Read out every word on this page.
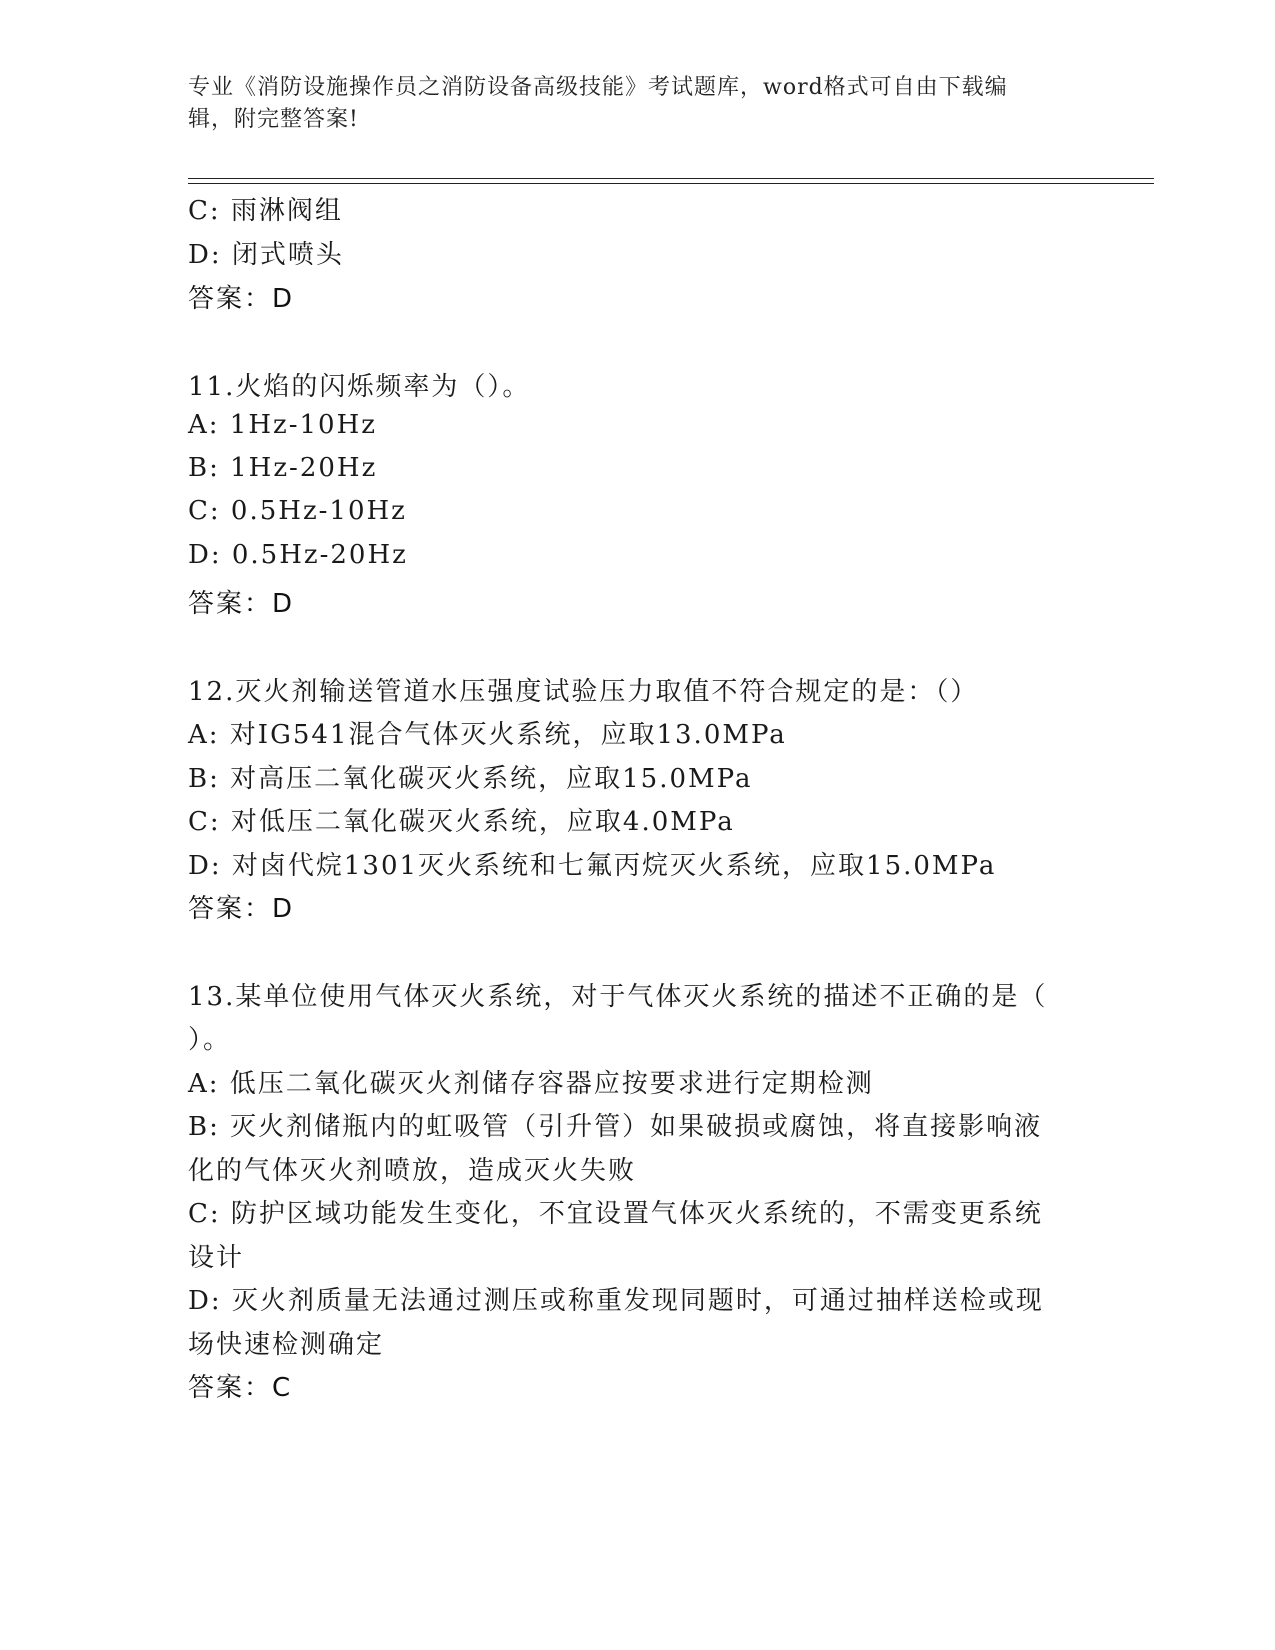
专业《消防设施操作员之消防设备高级技能》考试题库，word格式可自由下载编
辑，附完整答案!
C: 雨淋阀组
D: 闭式喷头
答案：D
11.火焰的闪烁频率为（）。
A: 1Hz-10Hz
B: 1Hz-20Hz
C: 0.5Hz-10Hz
D: 0.5Hz-20Hz
答案：D
12.灭火剂输送管道水压强度试验压力取值不符合规定的是：（）
A: 对IG541混合气体灭火系统，应取13.0MPa
B: 对高压二氧化碳灭火系统，应取15.0MPa
C: 对低压二氧化碳灭火系统，应取4.0MPa
D: 对卤代烷1301灭火系统和七氟丙烷灭火系统，应取15.0MPa
答案：D
13.某单位使用气体灭火系统，对于气体灭火系统的描述不正确的是（
）。
A: 低压二氧化碳灭火剂储存容器应按要求进行定期检测
B: 灭火剂储瓶内的虹吸管（引升管）如果破损或腐蚀，将直接影响液
化的气体灭火剂喷放，造成灭火失败
C: 防护区域功能发生变化，不宜设置气体灭火系统的，不需变更系统
设计
D: 灭火剂质量无法通过测压或称重发现同题时，可通过抽样送检或现
场快速检测确定
答案：C
